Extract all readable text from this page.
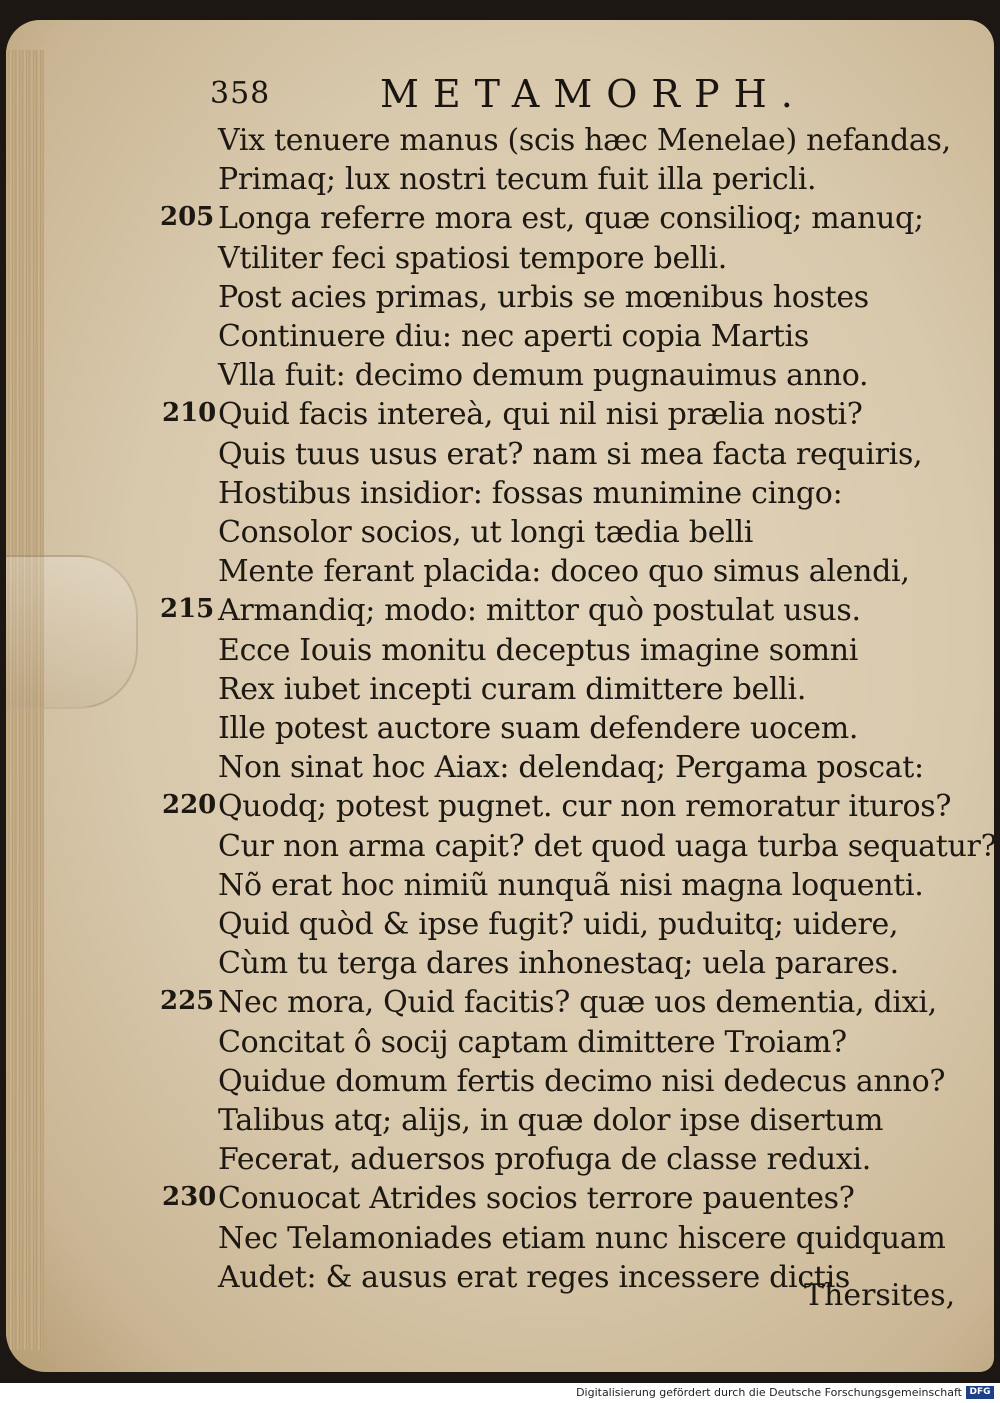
358	METAMORPH.
Vix tenuere manus (scis hæc Menelae) nefandas,
Primaq; lux nostri tecum fuit illa pericli.
Longa referre mora est, quæ consilioq; manuq;
Vtiliter feci spatiosi tempore belli.
Post acies primas, urbis se mœnibus hostes
Continuere diu: nec aperti copia Martis
Vlla fuit: decimo demum pugnauimus anno.
Quid facis intereà, qui nil nisi prælia nosti?
Quis tuus usus erat? nam si mea facta requiris,
Hostibus insidior: fossas munimine cingo:
Consolor socios, ut longi tædia belli
Mente ferant placida: doceo quo simus alendi,
Armandiq; modo: mittor quò postulat usus.
Ecce Iouis monitu deceptus imagine somni
Rex iubet incepti curam dimittere belli.
Ille potest auctore suam defendere uocem.
Non sinat hoc Aiax: delendaq; Pergama poscat:
Quodq; potest pugnet. cur non remoratur ituros?
Cur non arma capit? det quod uaga turba sequatur?
Nõ erat hoc nimiũ nunquã nisi magna loquenti.
Quid quòd & ipse fugit? uidi, puduitq; uidere,
Cùm tu terga dares inhonestaq; uela parares.
Nec mora, Quid facitis? quæ uos dementia, dixi,
Concitat ô socij captam dimittere Troiam?
Quidue domum fertis decimo nisi dedecus anno?
Talibus atq; alijs, in quæ dolor ipse disertum
Fecerat, aduersos profuga de classe reduxi.
Conuocat Atrides socios terrore pauentes?
Nec Telamoniades etiam nunc hiscere quidquam
Audet: & ausus erat reges incessere dictis
205
210
215
220
225
230
Thersites,
Digitalisierung gefördert durch die Deutsche Forschungsgemeinschaft DFG
